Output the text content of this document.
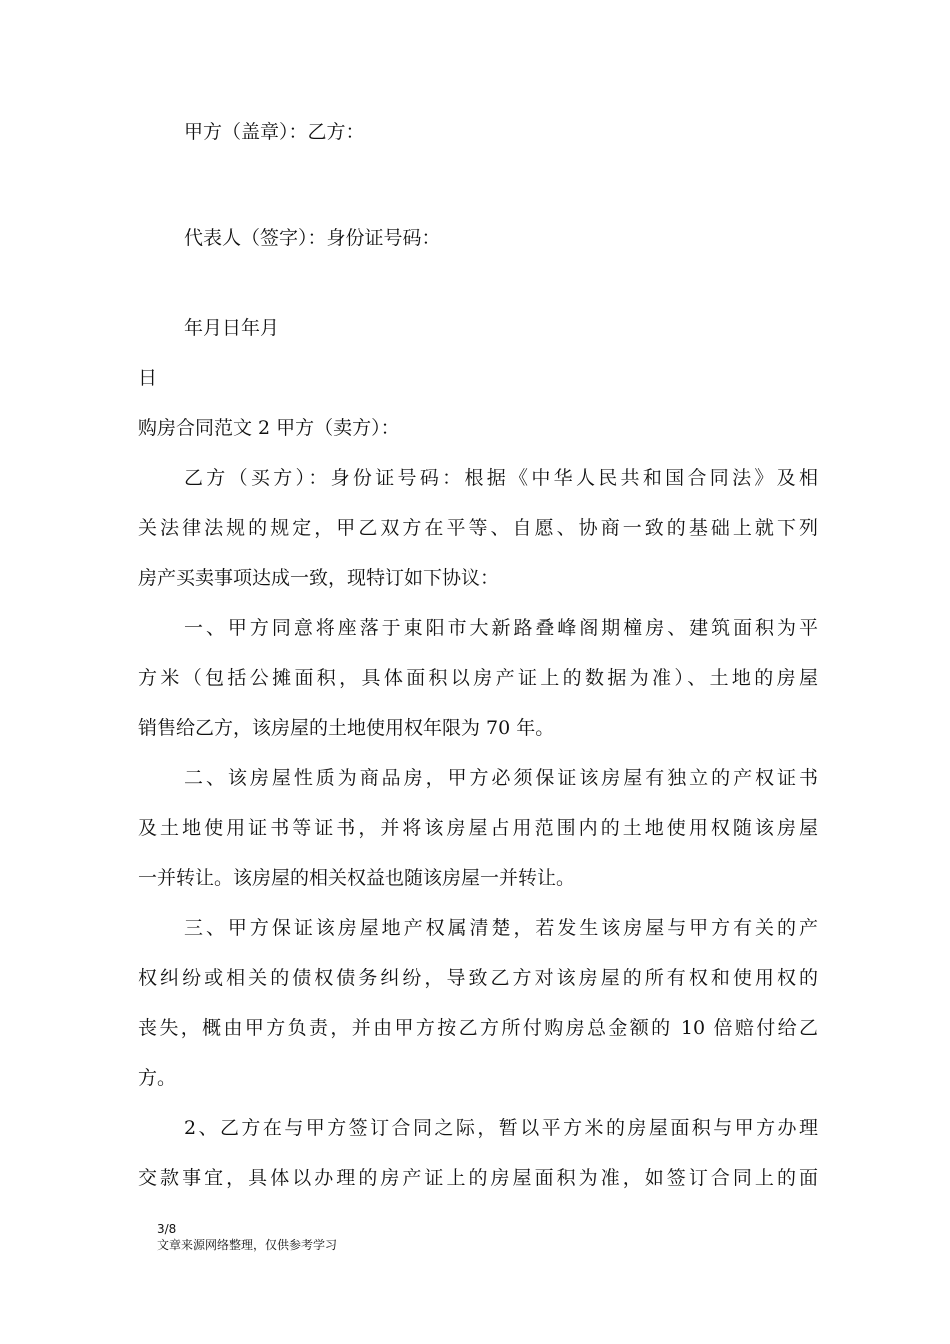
甲方（盖章）：乙方：
代表人（签字）：身份证号码：
年月日年月
日
购房合同范文 2 甲方（卖方）：
乙方（买方）：身份证号码：根据《中华人民共和国合同法》及相
关法律法规的规定，甲乙双方在平等、自愿、协商一致的基础上就下列
房产买卖事项达成一致，现特订如下协议：
一、甲方同意将座落于東阳市大新路叠峰阁期橦房、建筑面积为平
方米（包括公摊面积，具体面积以房产证上的数据为准）、土地的房屋
销售给乙方，该房屋的土地使用权年限为 70 年。
二、该房屋性质为商品房，甲方必须保证该房屋有独立的产权证书
及土地使用证书等证书，并将该房屋占用范围内的土地使用权随该房屋
一并转让。该房屋的相关权益也随该房屋一并转让。
三、甲方保证该房屋地产权属清楚，若发生该房屋与甲方有关的产
权纠纷或相关的债权债务纠纷，导致乙方对该房屋的所有权和使用权的
丧失，概由甲方负责，并由甲方按乙方所付购房总金额的 10 倍赔付给乙
方。
2、乙方在与甲方签订合同之际，暂以平方米的房屋面积与甲方办理
交款事宜，具体以办理的房产证上的房屋面积为准，如签订合同上的面
3/8
文章来源网络整理，仅供参考学习
